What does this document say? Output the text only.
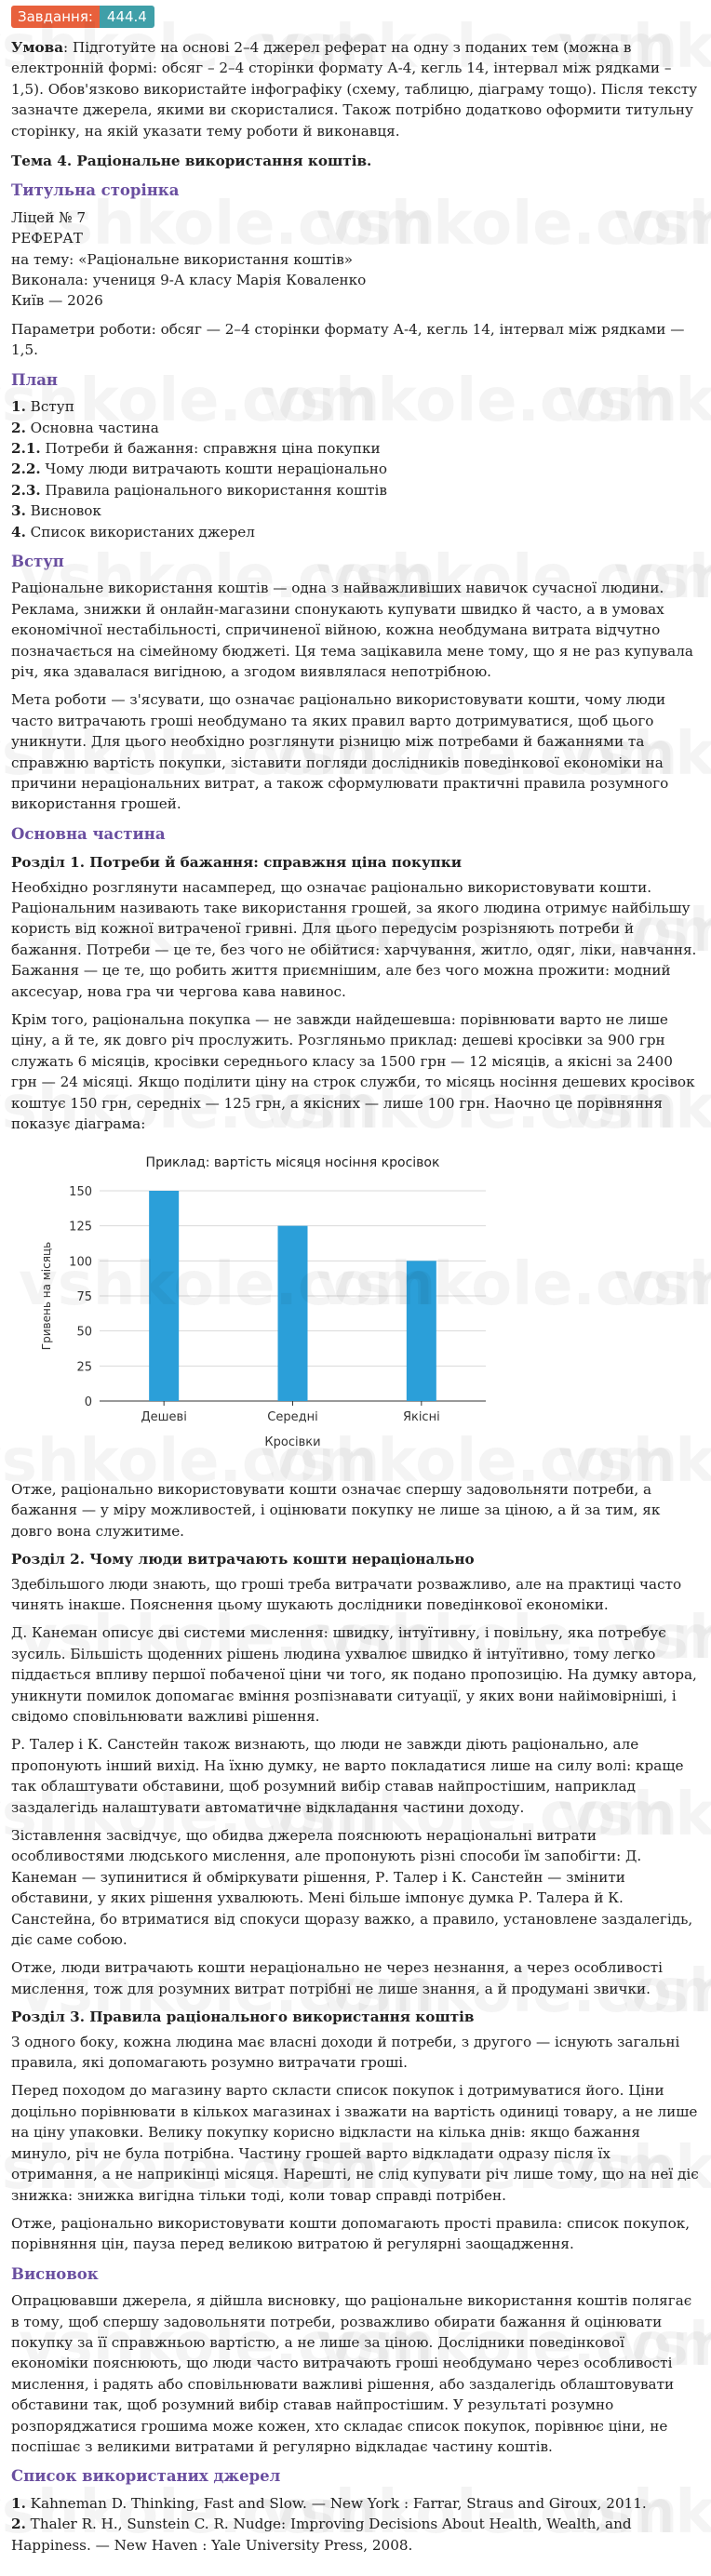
Завдання:	444.4

Умова: Підготуйте на основі 2–4 джерел реферат на одну з поданих тем (можна в електронній формі: обсяг – 2–4 сторінки формату А-4, кегль 14, інтервал між рядками – 1,5). Обов'язково використайте інфографіку (схему, таблицю, діаграму тощо). Після тексту зазначте джерела, якими ви скористалися. Також потрібно додатково оформити титульну сторінку, на якій указати тему роботи й виконавця.

Тема 4. Раціональне використання коштів.
Титульна сторінка
Ліцей № 7
РЕФЕРАТ
на тему: «Раціональне використання коштів»
Виконала: учениця 9-А класу Марія Коваленко
Київ — 2026

Параметри роботи: обсяг — 2–4 сторінки формату А-4, кегль 14, інтервал між рядками — 1,5.

План
1. Вступ
2. Основна частина
2.1. Потреби й бажання: справжня ціна покупки
2.2. Чому люди витрачають кошти нераціонально
2.3. Правила раціонального використання коштів
3. Висновок
4. Список використаних джерел
Вступ

Раціональне використання коштів — одна з найважливіших навичок сучасної людини. Реклама, знижки й онлайн-магазини спонукають купувати швидко й часто, а в умовах економічної нестабільності, спричиненої війною, кожна необдумана витрата відчутно позначається на сімейному бюджеті. Ця тема зацікавила мене тому, що я не раз купувала річ, яка здавалася вигідною, а згодом виявлялася непотрібною.

Мета роботи — з'ясувати, що означає раціонально використовувати кошти, чому люди часто витрачають гроші необдумано та яких правил варто дотримуватися, щоб цього уникнути. Для цього необхідно розглянути різницю між потребами й бажаннями та справжню вартість покупки, зіставити погляди дослідників поведінкової економіки на причини нераціональних витрат, а також сформулювати практичні правила розумного використання грошей.

Основна частина
Розділ 1. Потреби й бажання: справжня ціна покупки

Необхідно розглянути насамперед, що означає раціонально використовувати кошти. Раціональним називають таке використання грошей, за якого людина отримує найбільшу користь від кожної витраченої гривні. Для цього передусім розрізняють потреби й бажання. Потреби — це те, без чого не обійтися: харчування, житло, одяг, ліки, навчання. Бажання — це те, що робить життя приємнішим, але без чого можна прожити: модний аксесуар, нова гра чи чергова кава навинос.

Крім того, раціональна покупка — не завжди найдешевша: порівнювати варто не лише ціну, а й те, як довго річ прослужить. Розгляньмо приклад: дешеві кросівки за 900 грн служать 6 місяців, кросівки середнього класу за 1500 грн — 12 місяців, а якісні за 2400 грн — 24 місяці. Якщо поділити ціну на строк служби, то місяць носіння дешевих кросівок коштує 150 грн, середніх — 125 грн, а якісних — лише 100 грн. Наочно це порівняння показує діаграма:

Приклад: вартість місяця носіння кросівок
0
25
50
75
100
125
150
Дешеві	Середні	Якісні
Кросівки
Гривень на місяць

Отже, раціонально використовувати кошти означає спершу задовольняти потреби, а бажання — у міру можливостей, і оцінювати покупку не лише за ціною, а й за тим, як довго вона служитиме.

Розділ 2. Чому люди витрачають кошти нераціонально

Здебільшого люди знають, що гроші треба витрачати розважливо, але на практиці часто чинять інакше. Пояснення цьому шукають дослідники поведінкової економіки.

Д. Канеман описує дві системи мислення: швидку, інтуїтивну, і повільну, яка потребує зусиль. Більшість щоденних рішень людина ухвалює швидко й інтуїтивно, тому легко піддається впливу першої побаченої ціни чи того, як подано пропозицію. На думку автора, уникнути помилок допомагає вміння розпізнавати ситуації, у яких вони найімовірніші, і свідомо сповільнювати важливі рішення.

Р. Талер і К. Санстейн також визнають, що люди не завжди діють раціонально, але пропонують інший вихід. На їхню думку, не варто покладатися лише на силу волі: краще так облаштувати обставини, щоб розумний вибір ставав найпростішим, наприклад заздалегідь налаштувати автоматичне відкладання частини доходу.

Зіставлення засвідчує, що обидва джерела пояснюють нераціональні витрати особливостями людського мислення, але пропонують різні способи їм запобігти: Д. Канеман — зупинитися й обміркувати рішення, Р. Талер і К. Санстейн — змінити обставини, у яких рішення ухвалюють. Мені більше імпонує думка Р. Талера й К. Санстейна, бо втриматися від спокуси щоразу важко, а правило, установлене заздалегідь, діє саме собою.

Отже, люди витрачають кошти нераціонально не через незнання, а через особливості мислення, тож для розумних витрат потрібні не лише знання, а й продумані звички.

Розділ 3. Правила раціонального використання коштів

З одного боку, кожна людина має власні доходи й потреби, з другого — існують загальні правила, які допомагають розумно витрачати гроші.

Перед походом до магазину варто скласти список покупок і дотримуватися його. Ціни доцільно порівнювати в кількох магазинах і зважати на вартість одиниці товару, а не лише на ціну упаковки. Велику покупку корисно відкласти на кілька днів: якщо бажання минуло, річ не була потрібна. Частину грошей варто відкладати одразу після їх отримання, а не наприкінці місяця. Нарешті, не слід купувати річ лише тому, що на неї діє знижка: знижка вигідна тільки тоді, коли товар справді потрібен.

Отже, раціонально використовувати кошти допомагають прості правила: список покупок, порівняння цін, пауза перед великою витратою й регулярні заощадження.

Висновок

Опрацювавши джерела, я дійшла висновку, що раціональне використання коштів полягає в тому, щоб спершу задовольняти потреби, розважливо обирати бажання й оцінювати покупку за її справжньою вартістю, а не лише за ціною. Дослідники поведінкової економіки пояснюють, що люди часто витрачають гроші необдумано через особливості мислення, і радять або сповільнювати важливі рішення, або заздалегідь облаштовувати обставини так, щоб розумний вибір ставав найпростішим. У результаті розумно розпоряджатися грошима може кожен, хто складає список покупок, порівнює ціни, не поспішає з великими витратами й регулярно відкладає частину коштів.

Список використаних джерел
1. Kahneman D. Thinking, Fast and Slow. — New York : Farrar, Straus and Giroux, 2011.
2. Thaler R. H., Sunstein C. R. Nudge: Improving Decisions About Health, Wealth, and Happiness. — New Haven : Yale University Press, 2008.
